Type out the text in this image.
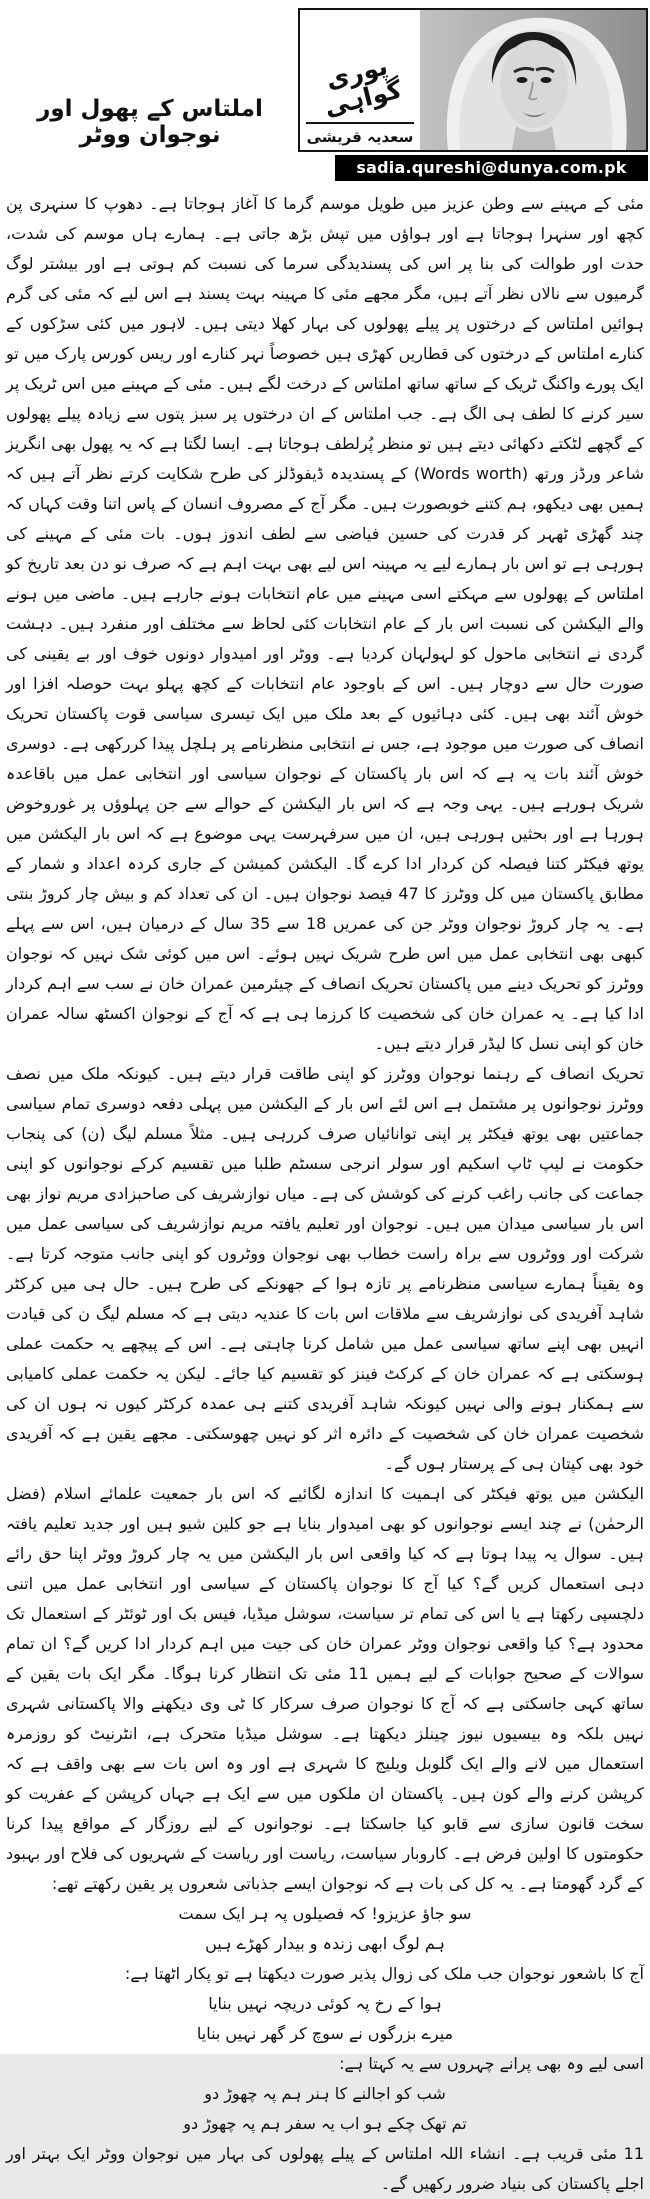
املتاس کے پھول اور نوجوان ووٹر
پوری گواہی
سعدیہ قریشی
sadia.qureshi@dunya.com.pk

مئی کے مہینے سے وطن عزیز میں طویل موسم گرما کا آغاز ہوجاتا ہے۔ دھوپ کا سنہری پن کچھ اور سنہرا ہوجاتا ہے اور ہواؤں میں تپش بڑھ جاتی ہے۔ ہمارے ہاں موسم کی شدت، حدت اور طوالت کی بنا پر اس کی پسندیدگی سرما کی نسبت کم ہوتی ہے اور بیشتر لوگ گرمیوں سے نالاں نظر آتے ہیں، مگر مجھے مئی کا مہینہ بہت پسند ہے اس لیے کہ مئی کی گرم ہوائیں املتاس کے درختوں پر پیلے پھولوں کی بہار کھلا دیتی ہیں۔ لاہور میں کئی سڑکوں کے کنارے املتاس کے درختوں کی قطاریں کھڑی ہیں خصوصاً نہر کنارے اور ریس کورس پارک میں تو ایک پورے واکنگ ٹریک کے ساتھ ساتھ املتاس کے درخت لگے ہیں۔ مئی کے مہینے میں اس ٹریک پر سیر کرنے کا لطف ہی الگ ہے۔ جب املتاس کے ان درختوں پر سبز پتوں سے زیادہ پیلے پھولوں کے گچھے لٹکتے دکھائی دیتے ہیں تو منظر پُرلطف ہوجاتا ہے۔ ایسا لگتا ہے کہ یہ پھول بھی انگریز شاعر ورڈز ورتھ (Words worth) کے پسندیدہ ڈیفوڈلز کی طرح شکایت کرتے نظر آتے ہیں کہ ہمیں بھی دیکھو، ہم کتنے خوبصورت ہیں۔ مگر آج کے مصروف انسان کے پاس اتنا وقت کہاں کہ چند گھڑی ٹھہر کر قدرت کی حسین فیاضی سے لطف اندوز ہوں۔ بات مئی کے مہینے کی ہورہی ہے تو اس بار ہمارے لیے یہ مہینہ اس لیے بھی بہت اہم ہے کہ صرف نو دن بعد تاریخ کو املتاس کے پھولوں سے مہکتے اسی مہینے میں عام انتخابات ہونے جارہے ہیں۔ ماضی میں ہونے والے الیکشن کی نسبت اس بار کے عام انتخابات کئی لحاظ سے مختلف اور منفرد ہیں۔ دہشت گردی نے انتخابی ماحول کو لہولہان کردیا ہے۔ ووٹر اور امیدوار دونوں خوف اور بے یقینی کی صورت حال سے دوچار ہیں۔ اس کے باوجود عام انتخابات کے کچھ پہلو بہت حوصلہ افزا اور خوش آئند بھی ہیں۔ کئی دہائیوں کے بعد ملک میں ایک تیسری سیاسی قوت پاکستان تحریک انصاف کی صورت میں موجود ہے، جس نے انتخابی منظرنامے پر ہلچل پیدا کررکھی ہے۔ دوسری خوش آئند بات یہ ہے کہ اس بار پاکستان کے نوجوان سیاسی اور انتخابی عمل میں باقاعدہ شریک ہورہے ہیں۔ یہی وجہ ہے کہ اس بار الیکشن کے حوالے سے جن پہلوؤں پر غوروخوض ہورہا ہے اور بحثیں ہورہی ہیں، ان میں سرفہرست یہی موضوع ہے کہ اس بار الیکشن میں یوتھ فیکٹر کتنا فیصلہ کن کردار ادا کرے گا۔ الیکشن کمیشن کے جاری کردہ اعداد و شمار کے مطابق پاکستان میں کل ووٹرز کا 47 فیصد نوجوان ہیں۔ ان کی تعداد کم و بیش چار کروڑ بنتی ہے۔ یہ چار کروڑ نوجوان ووٹر جن کی عمریں 18 سے 35 سال کے درمیان ہیں، اس سے پہلے کبھی بھی انتخابی عمل میں اس طرح شریک نہیں ہوئے۔ اس میں کوئی شک نہیں کہ نوجوان ووٹرز کو تحریک دینے میں پاکستان تحریک انصاف کے چیئرمین عمران خان نے سب سے اہم کردار ادا کیا ہے۔ یہ عمران خان کی شخصیت کا کرزما ہی ہے کہ آج کے نوجوان اکسٹھ سالہ عمران خان کو اپنی نسل کا لیڈر قرار دیتے ہیں۔

تحریک انصاف کے رہنما نوجوان ووٹرز کو اپنی طاقت قرار دیتے ہیں۔ کیونکہ ملک میں نصف ووٹرز نوجوانوں پر مشتمل ہے اس لئے اس بار کے الیکشن میں پہلی دفعہ دوسری تمام سیاسی جماعتیں بھی یوتھ فیکٹر پر اپنی توانائیاں صرف کررہی ہیں۔ مثلاً مسلم لیگ (ن) کی پنجاب حکومت نے لیپ ٹاپ اسکیم اور سولر انرجی سسٹم طلبا میں تقسیم کرکے نوجوانوں کو اپنی جماعت کی جانب راغب کرنے کی کوشش کی ہے۔ میاں نوازشریف کی صاحبزادی مریم نواز بھی اس بار سیاسی میدان میں ہیں۔ نوجوان اور تعلیم یافتہ مریم نوازشریف کی سیاسی عمل میں شرکت اور ووٹروں سے براہ راست خطاب بھی نوجوان ووٹروں کو اپنی جانب متوجہ کرتا ہے۔ وہ یقیناً ہمارے سیاسی منظرنامے پر تازہ ہوا کے جھونکے کی طرح ہیں۔ حال ہی میں کرکٹر شاہد آفریدی کی نوازشریف سے ملاقات اس بات کا عندیہ دیتی ہے کہ مسلم لیگ ن کی قیادت انہیں بھی اپنے ساتھ سیاسی عمل میں شامل کرنا چاہتی ہے۔ اس کے پیچھے یہ حکمت عملی ہوسکتی ہے کہ عمران خان کے کرکٹ فینز کو تقسیم کیا جائے۔ لیکن یہ حکمت عملی کامیابی سے ہمکنار ہونے والی نہیں کیونکہ شاہد آفریدی کتنے ہی عمدہ کرکٹر کیوں نہ ہوں ان کی شخصیت عمران خان کی شخصیت کے دائرہ اثر کو نہیں چھوسکتی۔ مجھے یقین ہے کہ آفریدی خود بھی کپتان ہی کے پرستار ہوں گے۔

الیکشن میں یوتھ فیکٹر کی اہمیت کا اندازہ لگائیے کہ اس بار جمعیت علمائے اسلام (فضل الرحمٰن) نے چند ایسے نوجوانوں کو بھی امیدوار بنایا ہے جو کلین شیو ہیں اور جدید تعلیم یافتہ ہیں۔ سوال یہ پیدا ہوتا ہے کہ کیا واقعی اس بار الیکشن میں یہ چار کروڑ ووٹر اپنا حق رائے دہی استعمال کریں گے؟ کیا آج کا نوجوان پاکستان کے سیاسی اور انتخابی عمل میں اتنی دلچسپی رکھتا ہے یا اس کی تمام تر سیاست، سوشل میڈیا، فیس بک اور ٹوئٹر کے استعمال تک محدود ہے؟ کیا واقعی نوجوان ووٹر عمران خان کی جیت میں اہم کردار ادا کریں گے؟ ان تمام سوالات کے صحیح جوابات کے لیے ہمیں 11 مئی تک انتظار کرنا ہوگا۔ مگر ایک بات یقین کے ساتھ کہی جاسکتی ہے کہ آج کا نوجوان صرف سرکار کا ٹی وی دیکھنے والا پاکستانی شہری نہیں بلکہ وہ بیسیوں نیوز چینلز دیکھتا ہے۔ سوشل میڈیا متحرک ہے، انٹرنیٹ کو روزمرہ استعمال میں لانے والے ایک گلوبل ویلیج کا شہری ہے اور وہ اس بات سے بھی واقف ہے کہ کرپشن کرنے والے کون ہیں۔ پاکستان ان ملکوں میں سے ایک ہے جہاں کرپشن کے عفریت کو سخت قانون سازی سے قابو کیا جاسکتا ہے۔ نوجوانوں کے لیے روزگار کے مواقع پیدا کرنا حکومتوں کا اولین فرض ہے۔ کاروبار سیاست، ریاست اور ریاست کے شہریوں کی فلاح اور بہبود کے گرد گھومتا ہے۔ یہ کل کی بات ہے کہ نوجوان ایسے جذباتی شعروں پر یقین رکھتے تھے:

سو جاؤ عزیزو! کہ فصیلوں پہ ہر ایک سمت
ہم لوگ ابھی زندہ و بیدار کھڑے ہیں

آج کا باشعور نوجوان جب ملک کی زوال پذیر صورت دیکھتا ہے تو پکار اٹھتا ہے:

ہوا کے رخ پہ کوئی دریچہ نہیں بنایا
میرے بزرگوں نے سوچ کر گھر نہیں بنایا

اسی لیے وہ بھی پرانے چہروں سے یہ کہتا ہے:

شب کو اجالنے کا ہنر ہم پہ چھوڑ دو
تم تھک چکے ہو اب یہ سفر ہم پہ چھوڑ دو

11 مئی قریب ہے۔ انشاء اللہ املتاس کے پیلے پھولوں کی بہار میں نوجوان ووٹر ایک بہتر اور اجلے پاکستان کی بنیاد ضرور رکھیں گے۔
